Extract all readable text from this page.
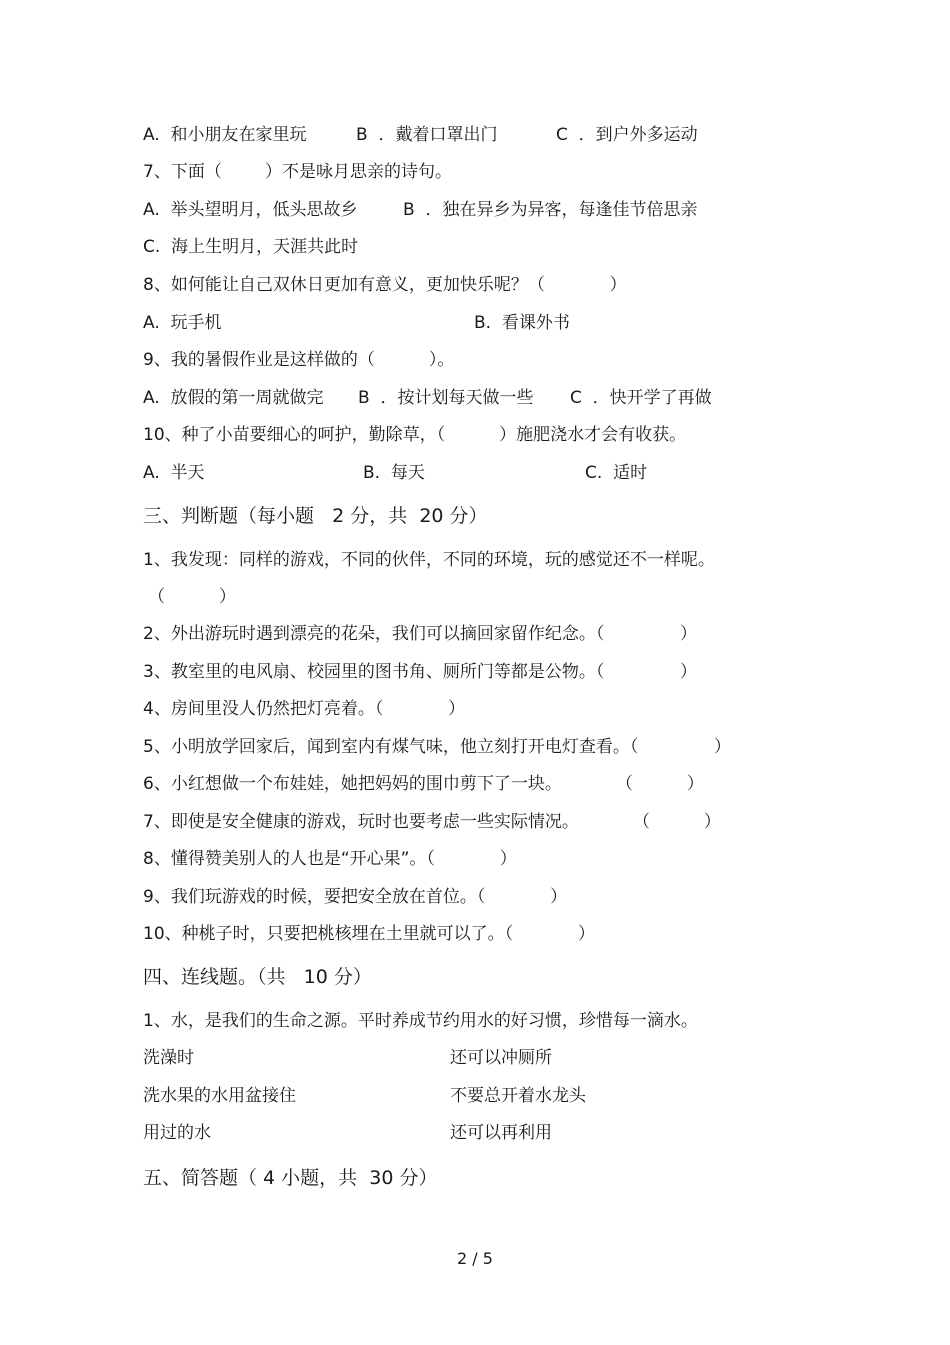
A.  和小朋友在家里玩	B  ．戴着口罩出门	C  ．到户外多运动
7、下面（        ）不是咏月思亲的诗句。
A.  举头望明月，低头思故乡	B  ．独在异乡为异客，每逢佳节倍思亲
C.  海上生明月，天涯共此时
8、如何能让自己双休日更加有意义，更加快乐呢？（            ）
A.  玩手机	B.  看课外书
9、我的暑假作业是这样做的（          ）。
A.  放假的第一周就做完 B  ．按计划每天做一些 C  ．快开学了再做
10、种了小苗要细心的呵护，勤除草，（          ）施肥浇水才会有收获。
A.  半天	B.  每天	C.  适时
三、判断题（每小题   2 分，共  20 分）
1、我发现：同样的游戏，不同的伙伴，不同的环境，玩的感觉还不一样呢。
（          ）
2、外出游玩时遇到漂亮的花朵，我们可以摘回家留作纪念。（              ）
3、教室里的电风扇、校园里的图书角、厕所门等都是公物。（              ）
4、房间里没人仍然把灯亮着。（            ）
5、小明放学回家后，闻到室内有煤气味，他立刻打开电灯查看。（              ）
6、小红想做一个布娃娃，她把妈妈的围巾剪下了一块。          （          ）
7、即使是安全健康的游戏，玩时也要考虑一些实际情况。          （          ）
8、懂得赞美别人的人也是“开心果”。（            ）
9、我们玩游戏的时候，要把安全放在首位。（            ）
10、种桃子时，只要把桃核埋在土里就可以了。（            ）
四、连线题。（共   10 分）
1、水，是我们的生命之源。平时养成节约用水的好习惯，珍惜每一滴水。
洗澡时	还可以冲厕所
洗水果的水用盆接住	不要总开着水龙头
用过的水	还可以再利用
五、简答题（ 4 小题，共  30 分）
2 / 5
